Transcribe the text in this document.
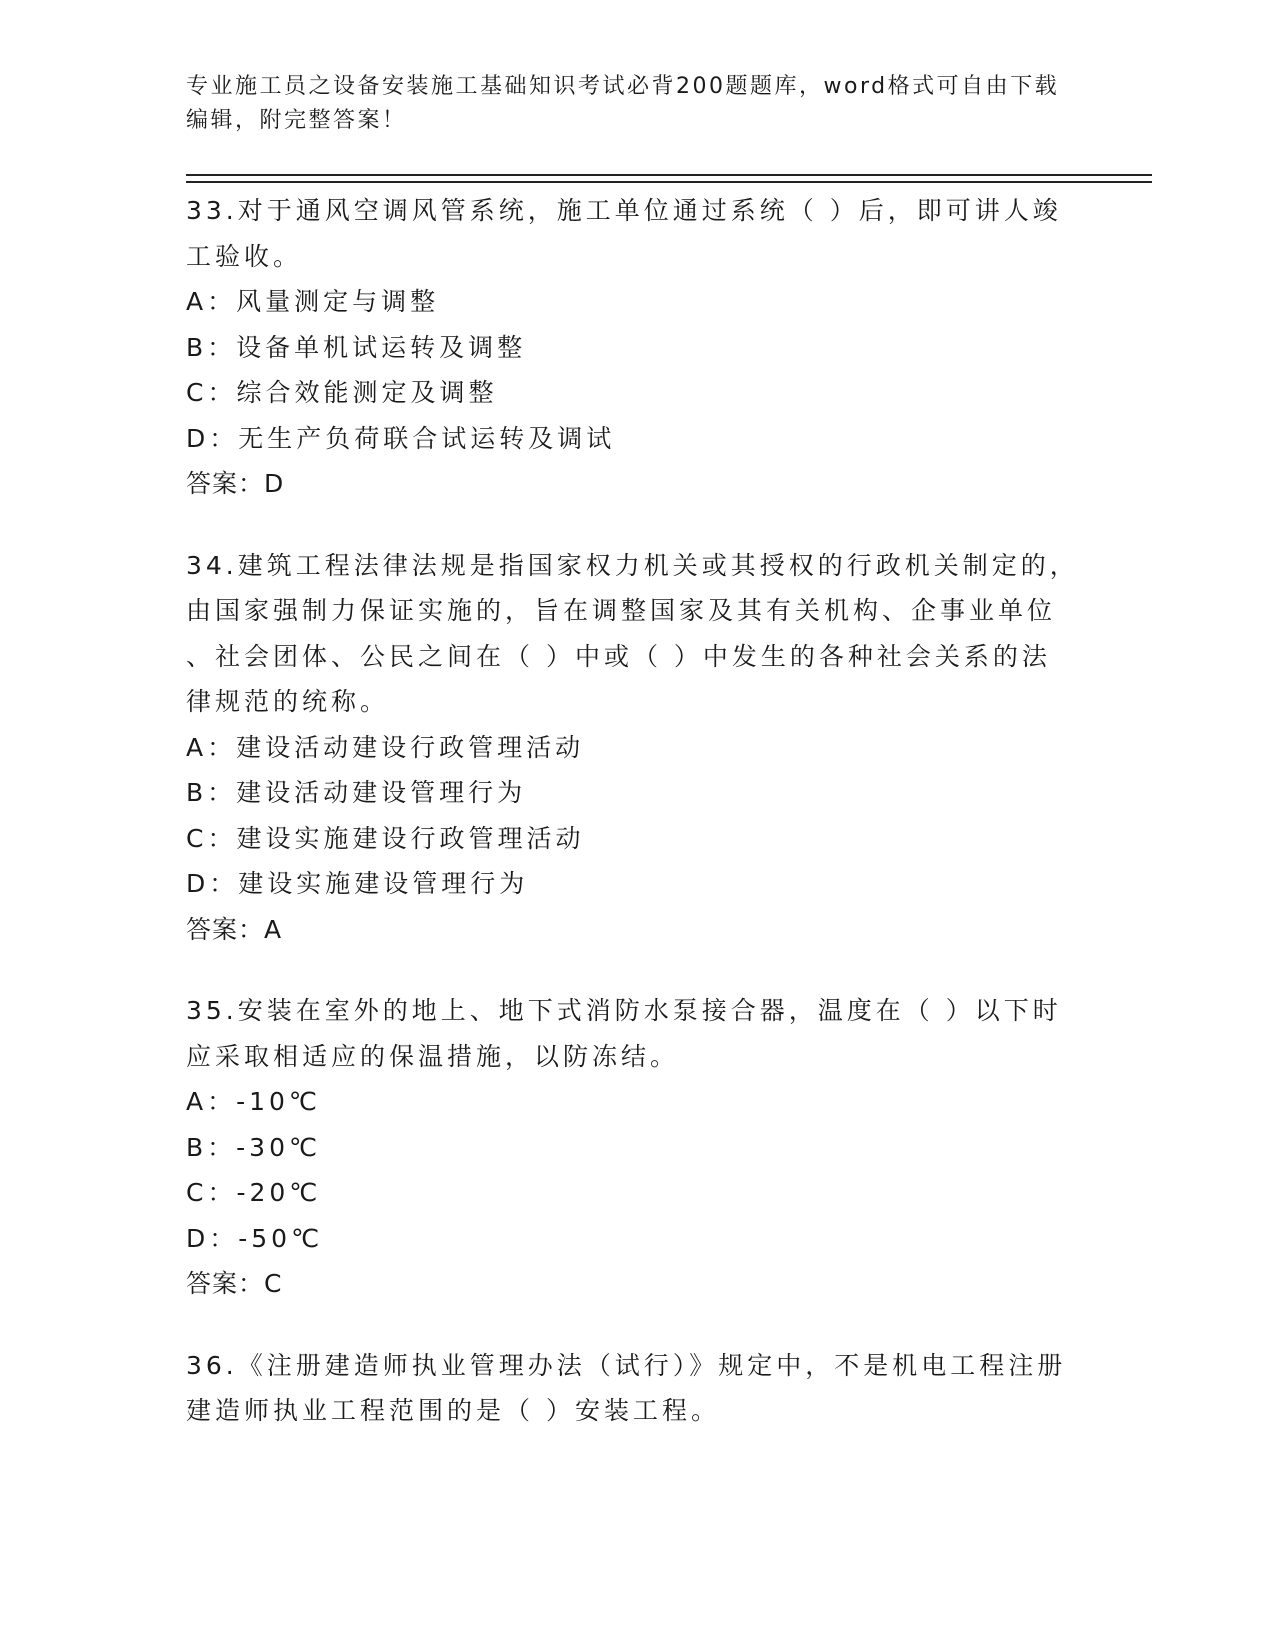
专业施工员之设备安装施工基础知识考试必背200题题库，word格式可自由下载
编辑，附完整答案！
33.对于通风空调风管系统，施工单位通过系统（ ）后，即可讲人竣
工验收。
A：风量测定与调整
B：设备单机试运转及调整
C：综合效能测定及调整
D：无生产负荷联合试运转及调试
答案：D
34.建筑工程法律法规是指国家权力机关或其授权的行政机关制定的，
由国家强制力保证实施的，旨在调整国家及其有关机构、企事业单位
、社会团体、公民之间在（ ）中或（ ）中发生的各种社会关系的法
律规范的统称。
A：建设活动建设行政管理活动
B：建设活动建设管理行为
C：建设实施建设行政管理活动
D：建设实施建设管理行为
答案：A
35.安装在室外的地上、地下式消防水泵接合器，温度在（ ）以下时
应采取相适应的保温措施，以防冻结。
A：-10℃
B：-30℃
C：-20℃
D：-50℃
答案：C
36.《注册建造师执业管理办法（试行）》规定中，不是机电工程注册
建造师执业工程范围的是（ ）安装工程。
